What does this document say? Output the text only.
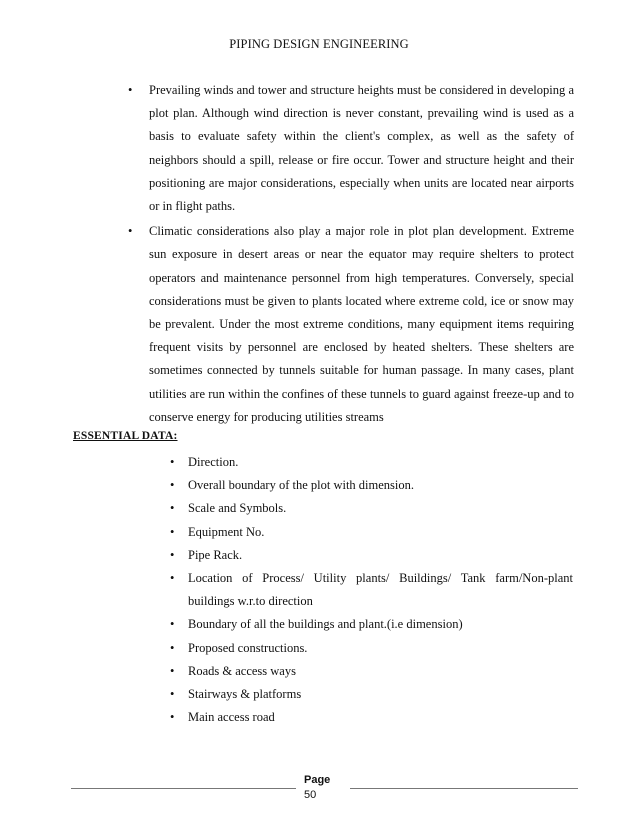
PIPING DESIGN ENGINEERING
• Prevailing winds and tower and structure heights must be considered in developing a plot plan. Although wind direction is never constant, prevailing wind is used as a basis to evaluate safety within the client's complex, as well as the safety of neighbors should a spill, release or fire occur. Tower and structure height and their positioning are major considerations, especially when units are located near airports or in flight paths.
• Climatic considerations also play a major role in plot plan development. Extreme sun exposure in desert areas or near the equator may require shelters to protect operators and maintenance personnel from high temperatures. Conversely, special considerations must be given to plants located where extreme cold, ice or snow may be prevalent. Under the most extreme conditions, many equipment items requiring frequent visits by personnel are enclosed by heated shelters. These shelters are sometimes connected by tunnels suitable for human passage. In many cases, plant utilities are run within the confines of these tunnels to guard against freeze-up and to conserve energy for producing utilities streams
ESSENTIAL DATA:
• Direction.
• Overall boundary of the plot with dimension.
• Scale and Symbols.
• Equipment No.
• Pipe Rack.
• Location of Process/ Utility plants/ Buildings/ Tank farm/Non-plant buildings w.r.to direction
• Boundary of all the buildings and plant.(i.e dimension)
• Proposed constructions.
• Roads & access ways
• Stairways & platforms
• Main access road
Page
50
